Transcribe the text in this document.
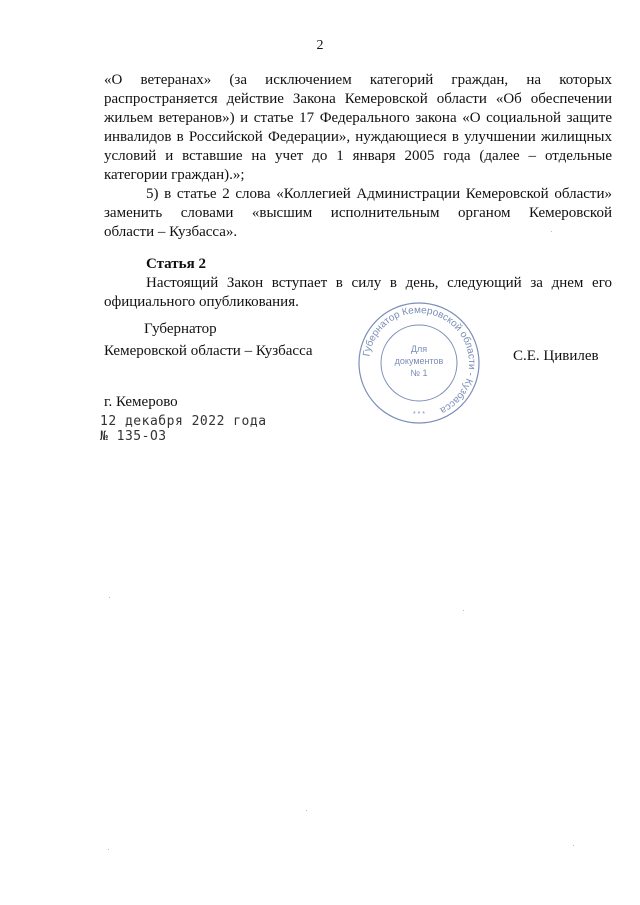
2
«О ветеранах» (за исключением категорий граждан, на которых
распространяется действие Закона Кемеровской области «Об обеспечении
жильем ветеранов») и статье 17 Федерального закона «О социальной защите
инвалидов в Российской Федерации», нуждающиеся в улучшении жилищных
условий и вставшие на учет до 1 января 2005 года (далее – отдельные
категории граждан).»;
5) в статье 2 слова «Коллегией Администрации Кемеровской области»
заменить словами «высшим исполнительным органом Кемеровской
области – Кузбасса».
Статья 2
Настоящий Закон вступает в силу в день, следующий за днем его
официального опубликования.
Губернатор
Кемеровской области – Кузбасса	С.Е. Цивилев
Губернатор Кемеровской области - Кузбасса
Для
документов
№ 1
* * *
г. Кемерово
12 декабря 2022 года
№ 135-ОЗ
